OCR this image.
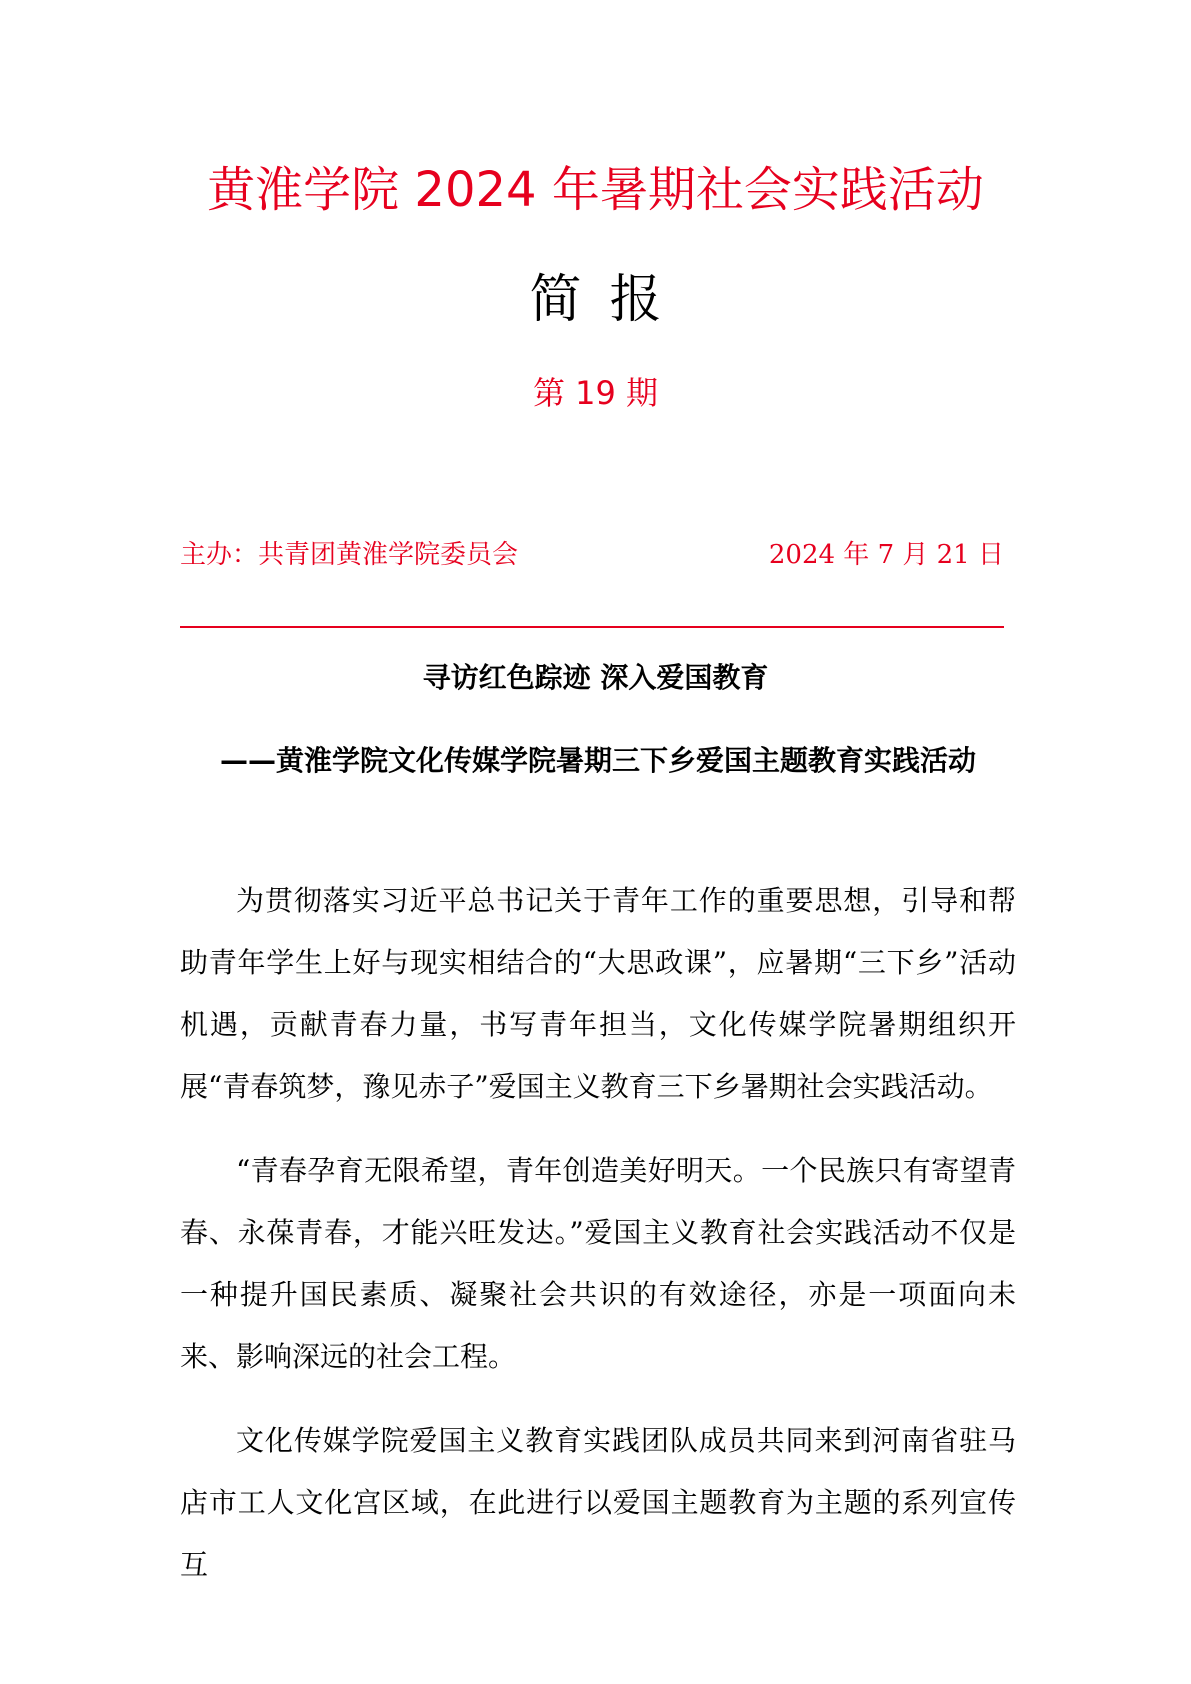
黄淮学院 2024 年暑期社会实践活动
简报
第 19 期
主办：共青团黄淮学院委员会	2024 年 7 月 21 日
寻访红色踪迹 深入爱国教育
——黄淮学院文化传媒学院暑期三下乡爱国主题教育实践活动

为贯彻落实习近平总书记关于青年工作的重要思想，引导和帮助青年学生上好与现实相结合的“大思政课”，应暑期“三下乡”活动机遇，贡献青春力量，书写青年担当，文化传媒学院暑期组织开展“青春筑梦，豫见赤子”爱国主义教育三下乡暑期社会实践活动。

“青春孕育无限希望，青年创造美好明天。一个民族只有寄望青春、永葆青春，才能兴旺发达。”爱国主义教育社会实践活动不仅是一种提升国民素质、凝聚社会共识的有效途径，亦是一项面向未来、影响深远的社会工程。

文化传媒学院爱国主义教育实践团队成员共同来到河南省驻马店市工人文化宫区域，在此进行以爱国主题教育为主题的系列宣传互
